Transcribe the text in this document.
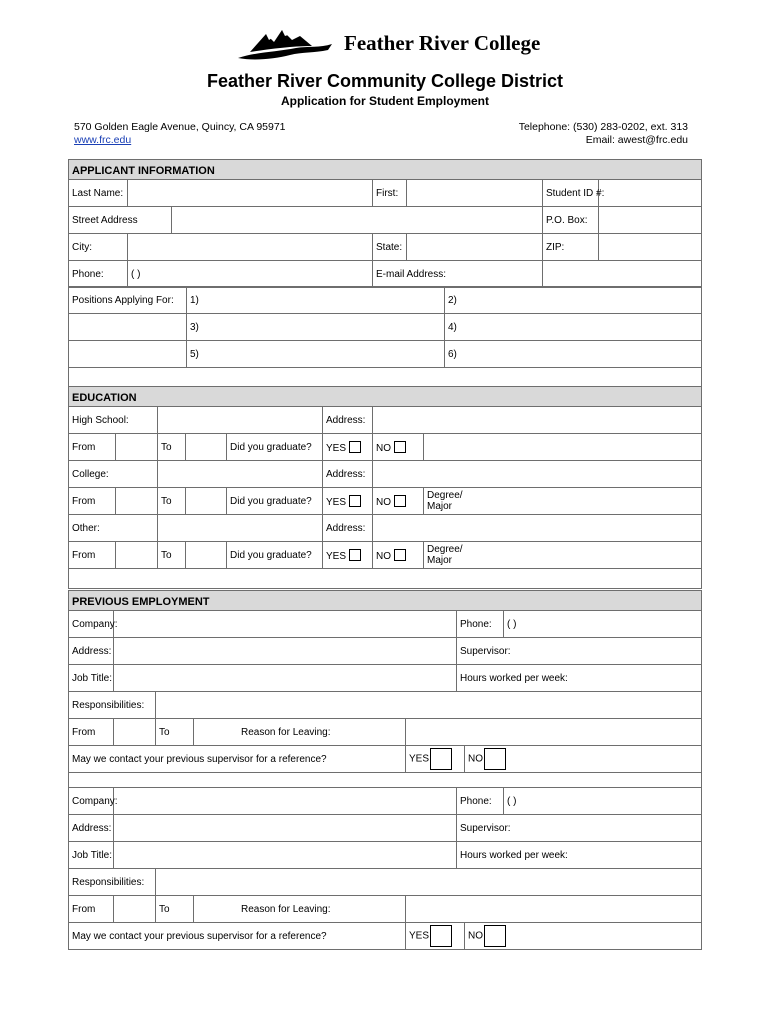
Feather River College
Feather River Community College District
Application for Student Employment
570 Golden Eagle Avenue, Quincy, CA 95971
www.frc.edu
Telephone: (530) 283-0202, ext. 313
Email: awest@frc.edu
APPLICANT INFORMATION						
Last Name:			First:		Student ID #:	
Street Address					P.O. Box:	
City:			State:		ZIP:	
Phone:	( )		E-mail Address:			
Positions Applying For:	1)	2)
	3)	4)
	5)	6)

EDUCATION							
High School:					Address:		
From		To		Did you graduate?	YES	NO	
College:					Address:		
From		To		Did you graduate?	YES	NO	Degree/
Major
Other:					Address:		
From		To		Did you graduate?	YES	NO	Degree/
Major

PREVIOUS EMPLOYMENT							
Company:					Phone:		( )
Address:					Supervisor:		
Job Title:					Hours worked per week:		
Responsibilities:							
From		To	Reason for Leaving:				
May we contact your previous supervisor for a reference?				YES		NO	

Company:					Phone:		( )
Address:					Supervisor:		
Job Title:					Hours worked per week:		
Responsibilities:							
From		To	Reason for Leaving:				
May we contact your previous supervisor for a reference?				YES		NO	
